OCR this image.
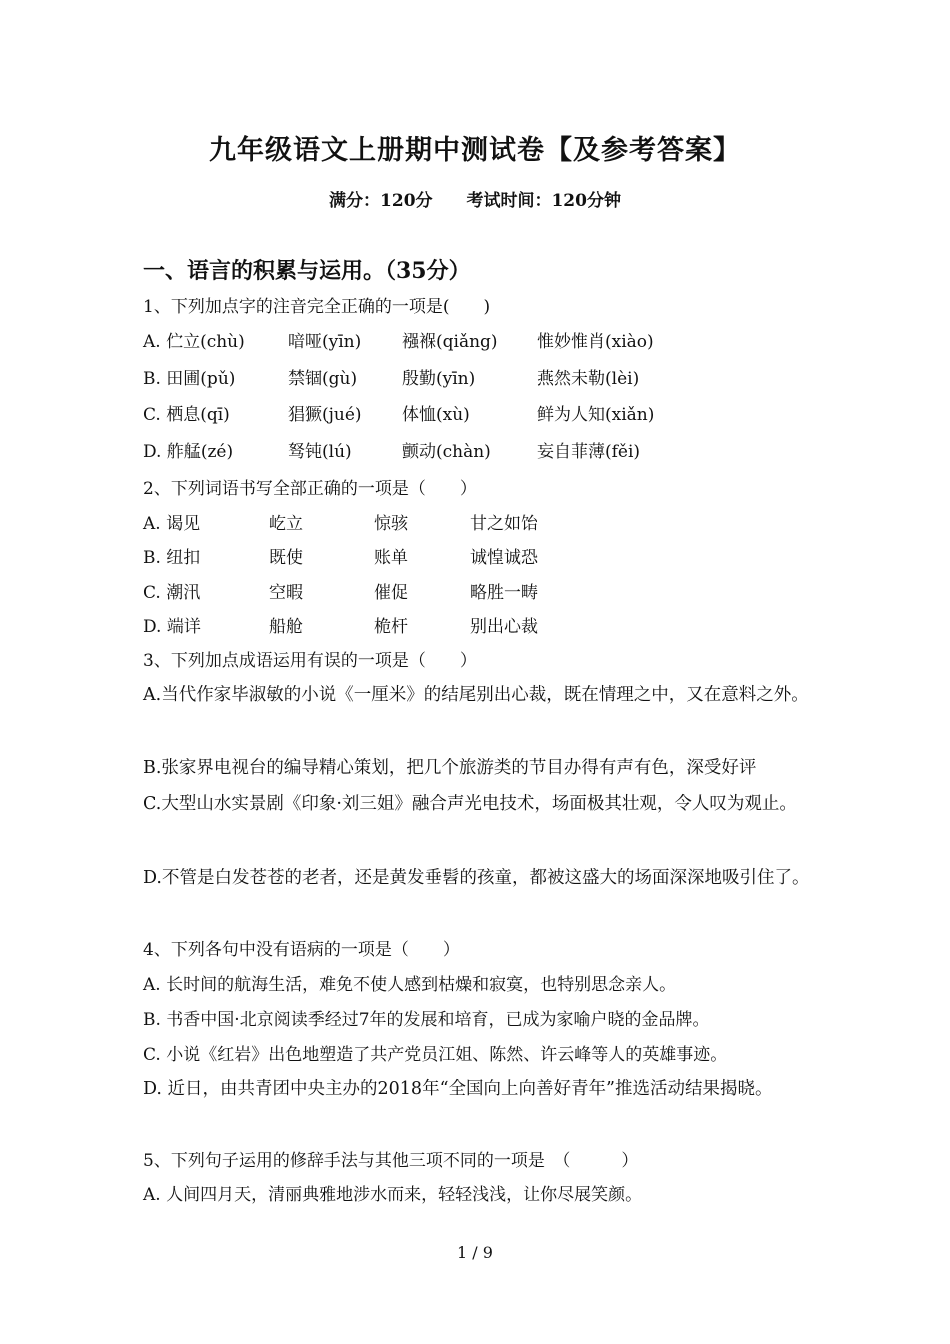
九年级语文上册期中测试卷【及参考答案】
满分：120分 考试时间：120分钟
一、语言的积累与运用。（35分）
1、下列加点字的注音完全正确的一项是(　　)
A. 伫立(chù)	喑哑(yīn) 襁褓(qiǎng) 惟妙惟肖(xiào)
B. 田圃(pǔ)	禁锢(gù)	殷勤(yīn)	燕然未勒(lèi)
C. 栖息(qī)	猖獗(jué) 体恤(xù)	鲜为人知(xiǎn)
D. 舴艋(zé)	驽钝(lú)	颤动(chàn)	妄自菲薄(fěi)
2、下列词语书写全部正确的一项是（　　）
A. 谒见	屹立	惊骇	甘之如饴
B. 纽扣	既使	账单	诚惶诚恐
C. 潮汛	空暇	催促	略胜一畴
D. 端详	船舱	桅杆	别出心裁
3、下列加点成语运用有误的一项是（　　）
A.当代作家毕淑敏的小说《一厘米》的结尾别出心裁，既在情理之中，又在意料之外。
B.张家界电视台的编导精心策划，把几个旅游类的节目办得有声有色，深受好评
C.大型山水实景剧《印象·刘三姐》融合声光电技术，场面极其壮观，令人叹为观止。
D.不管是白发苍苍的老者，还是黄发垂髫的孩童，都被这盛大的场面深深地吸引住了。
4、下列各句中没有语病的一项是（　　）
A. 长时间的航海生活，难免不使人感到枯燥和寂寞，也特别思念亲人。
B. 书香中国·北京阅读季经过7年的发展和培育，已成为家喻户晓的金品牌。
C. 小说《红岩》出色地塑造了共产党员江姐、陈然、许云峰等人的英雄事迹。
D. 近日，由共青团中央主办的2018年“全国向上向善好青年”推选活动结果揭晓。
5、下列句子运用的修辞手法与其他三项不同的一项是　（　　　）
A. 人间四月天，清丽典雅地涉水而来，轻轻浅浅，让你尽展笑颜。
1 / 9
